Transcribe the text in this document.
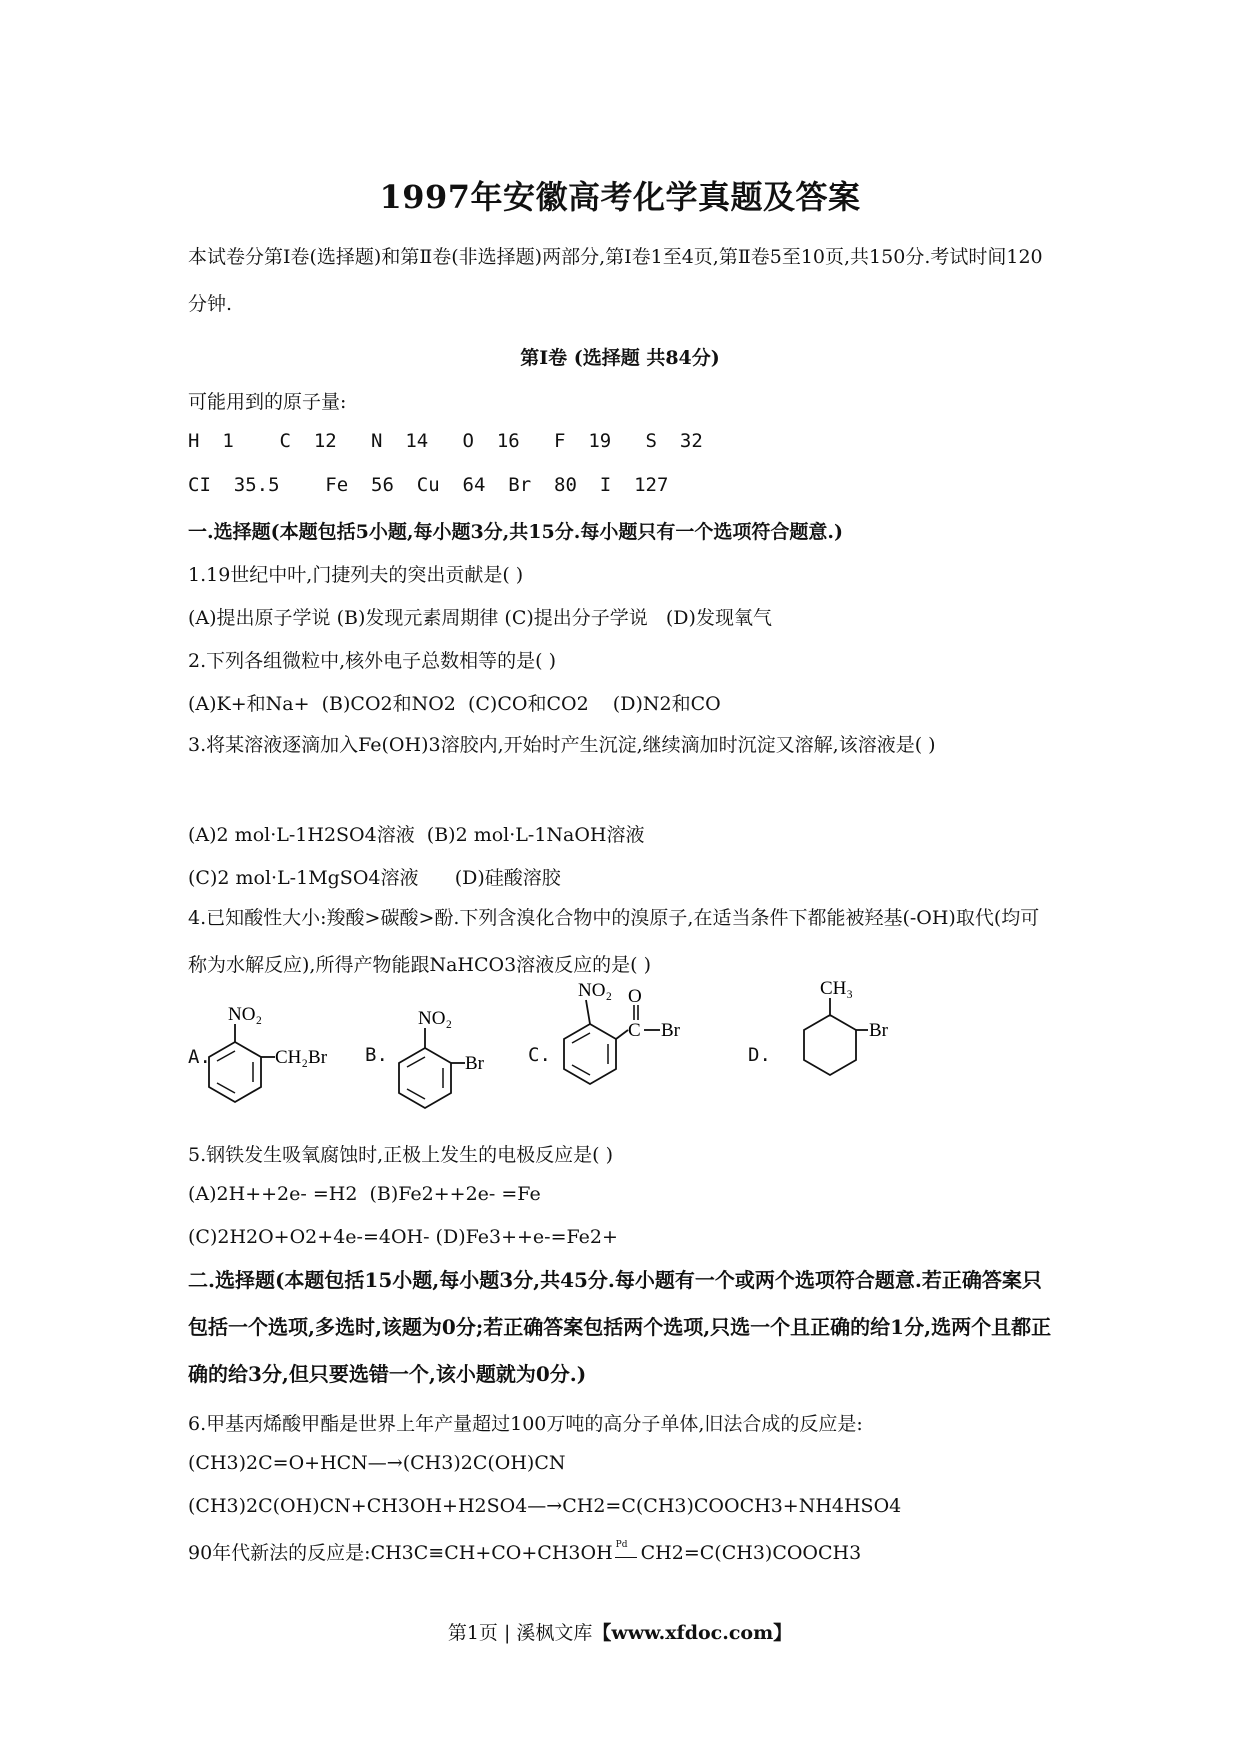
1997年安徽高考化学真题及答案
本试卷分第Ⅰ卷(选择题)和第Ⅱ卷(非选择题)两部分,第Ⅰ卷1至4页,第Ⅱ卷5至10页,共150分.考试时间120分钟.
第Ⅰ卷 (选择题 共84分)
可能用到的原子量:
H  1    C  12   N  14   O  16   F  19   S  32
CI  35.5    Fe  56  Cu  64  Br  80  I  127
一.选择题(本题包括5小题,每小题3分,共15分.每小题只有一个选项符合题意.)
1.19世纪中叶,门捷列夫的突出贡献是( )
(A)提出原子学说 (B)发现元素周期律 (C)提出分子学说   (D)发现氧气
2.下列各组微粒中,核外电子总数相等的是( )
(A)K+和Na+  (B)CO2和NO2  (C)CO和CO2    (D)N2和CO
3.将某溶液逐滴加入Fe(OH)3溶胶内,开始时产生沉淀,继续滴加时沉淀又溶解,该溶液是( )
(A)2 mol·L-1H2SO4溶液  (B)2 mol·L-1NaOH溶液
(C)2 mol·L-1MgSO4溶液      (D)硅酸溶胶
4.已知酸性大小:羧酸>碳酸>酚.下列含溴化合物中的溴原子,在适当条件下都能被羟基(-OH)取代(均可称为水解反应),所得产物能跟NaHCO3溶液反应的是( )
A.
NO₂
CH₂Br B.
NO₂
Br C.
NO₂ O
C Br
D.
CH₃
Br
5.钢铁发生吸氧腐蚀时,正极上发生的电极反应是( )
(A)2H++2e- =H2  (B)Fe2++2e- =Fe
(C)2H2O+O2+4e-=4OH- (D)Fe3++e-=Fe2+
二.选择题(本题包括15小题,每小题3分,共45分.每小题有一个或两个选项符合题意.若正确答案只包括一个选项,多选时,该题为0分;若正确答案包括两个选项,只选一个且正确的给1分,选两个且都正确的给3分,但只要选错一个,该小题就为0分.)
6.甲基丙烯酸甲酯是世界上年产量超过100万吨的高分子单体,旧法合成的反应是:
(CH3)2C=O+HCN—→(CH3)2C(OH)CN
(CH3)2C(OH)CN+CH3OH+H2SO4—→CH2=C(CH3)COOCH3+NH4HSO4
90年代新法的反应是:CH3C≡CH+CO+CH3OH Pd CH2=C(CH3)COOCH3
第1页 | 溪枫文库【www.xfdoc.com】
